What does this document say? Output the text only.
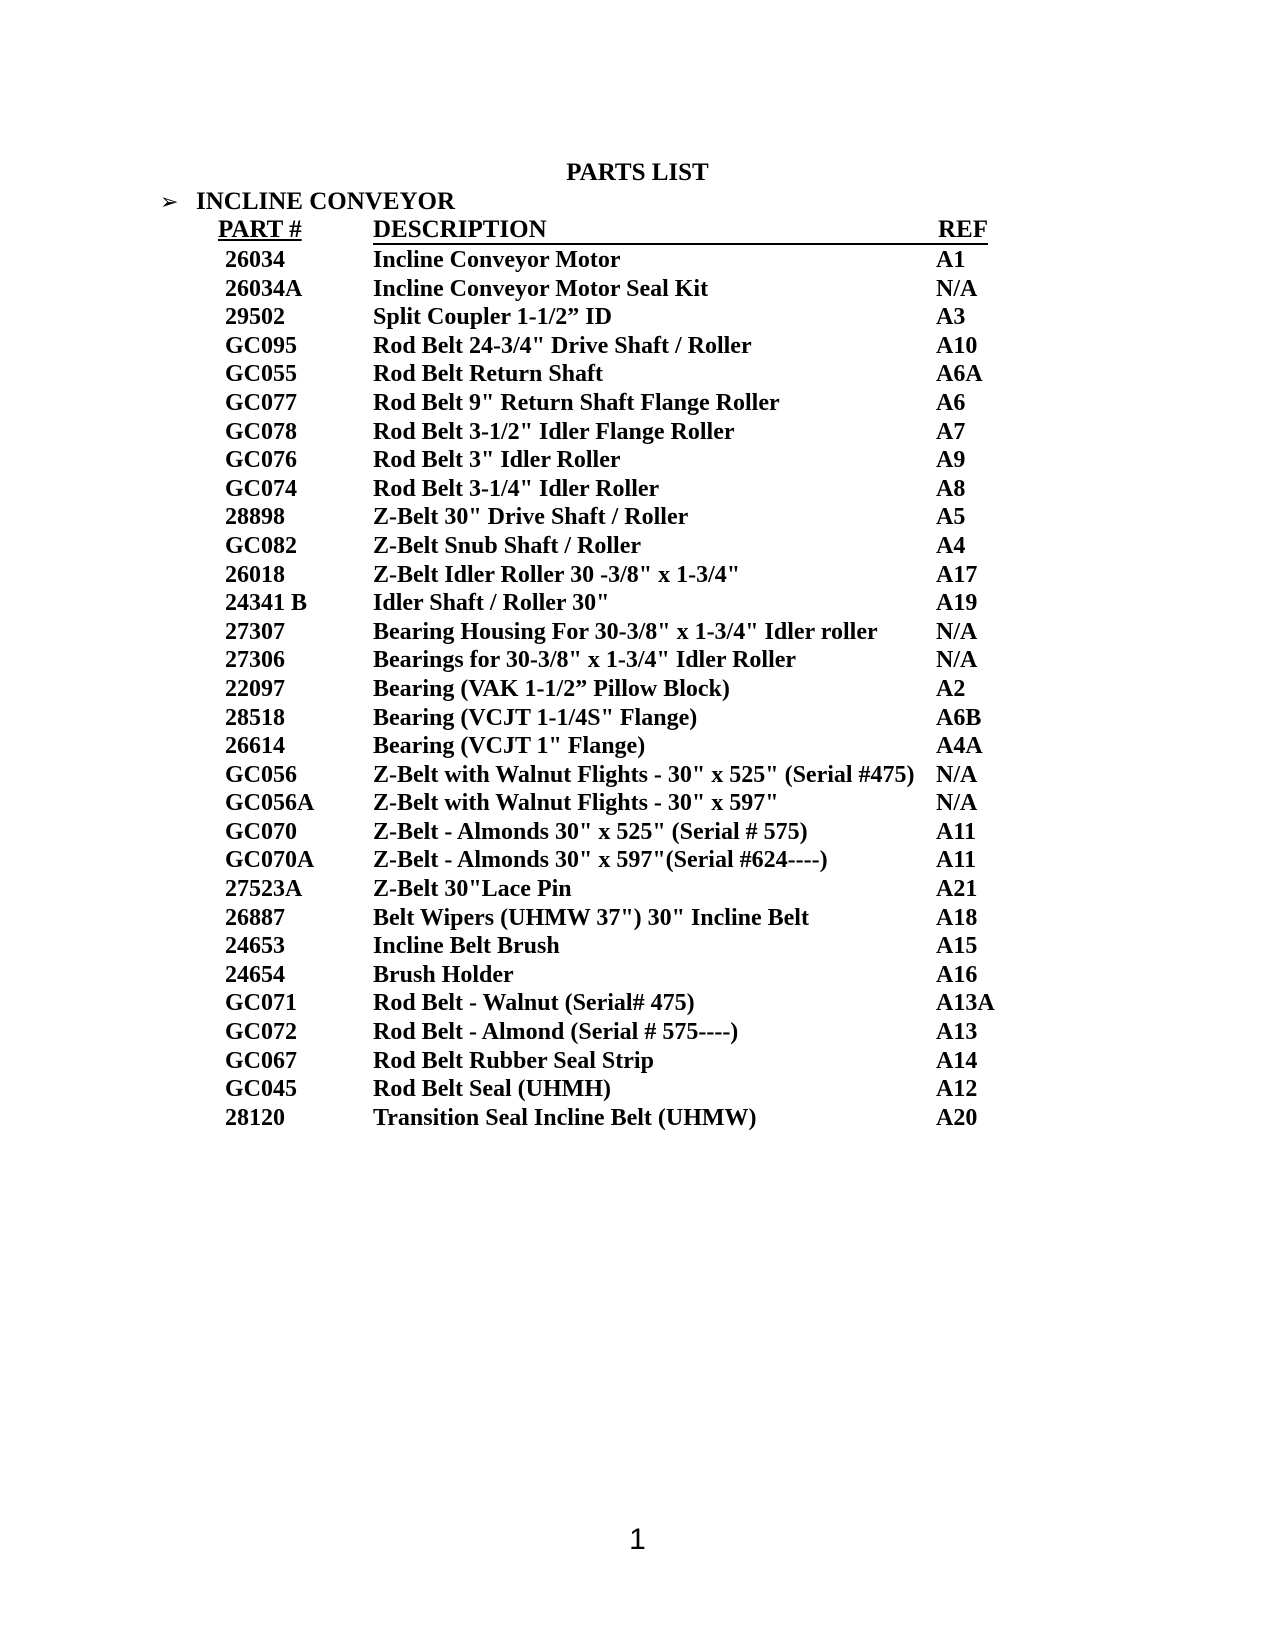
PARTS LIST
➢ INCLINE CONVEYOR
PART #	DESCRIPTION	REF
26034	Incline Conveyor Motor	A1
26034A	Incline Conveyor Motor Seal Kit	N/A
29502	Split Coupler 1-1/2” ID	A3
GC095	Rod Belt 24-3/4" Drive Shaft / Roller	A10
GC055	Rod Belt Return Shaft	A6A
GC077	Rod Belt 9" Return Shaft Flange Roller	A6
GC078	Rod Belt 3-1/2" Idler Flange Roller	A7
GC076	Rod Belt 3" Idler Roller	A9
GC074	Rod Belt 3-1/4" Idler Roller	A8
28898	Z-Belt 30" Drive Shaft / Roller	A5
GC082	Z-Belt Snub Shaft / Roller	A4
26018	Z-Belt Idler Roller 30 -3/8" x 1-3/4"	A17
24341 B	Idler Shaft / Roller 30"	A19
27307	Bearing Housing For 30-3/8" x 1-3/4" Idler roller N/A
27306	Bearings for 30-3/8" x 1-3/4" Idler Roller	N/A
22097	Bearing (VAK 1-1/2” Pillow Block)	A2
28518	Bearing (VCJT 1-1/4S" Flange)	A6B
26614	Bearing (VCJT 1" Flange)	A4A
GC056	Z-Belt with Walnut Flights - 30" x 525" (Serial #475) N/A
GC056A Z-Belt with Walnut Flights - 30" x 597"	N/A
GC070	Z-Belt - Almonds 30" x 525" (Serial # 575)	A11
GC070A Z-Belt - Almonds 30" x 597"(Serial #624----)	A11
27523A	Z-Belt 30"Lace Pin	A21
26887	Belt Wipers (UHMW 37") 30" Incline Belt	A18
24653	Incline Belt Brush	A15
24654	Brush Holder	A16
GC071	Rod Belt - Walnut (Serial# 475)	A13A
GC072	Rod Belt - Almond (Serial # 575----)	A13
GC067	Rod Belt Rubber Seal Strip	A14
GC045	Rod Belt Seal (UHMH)	A12
28120	Transition Seal Incline Belt (UHMW)	A20
1
